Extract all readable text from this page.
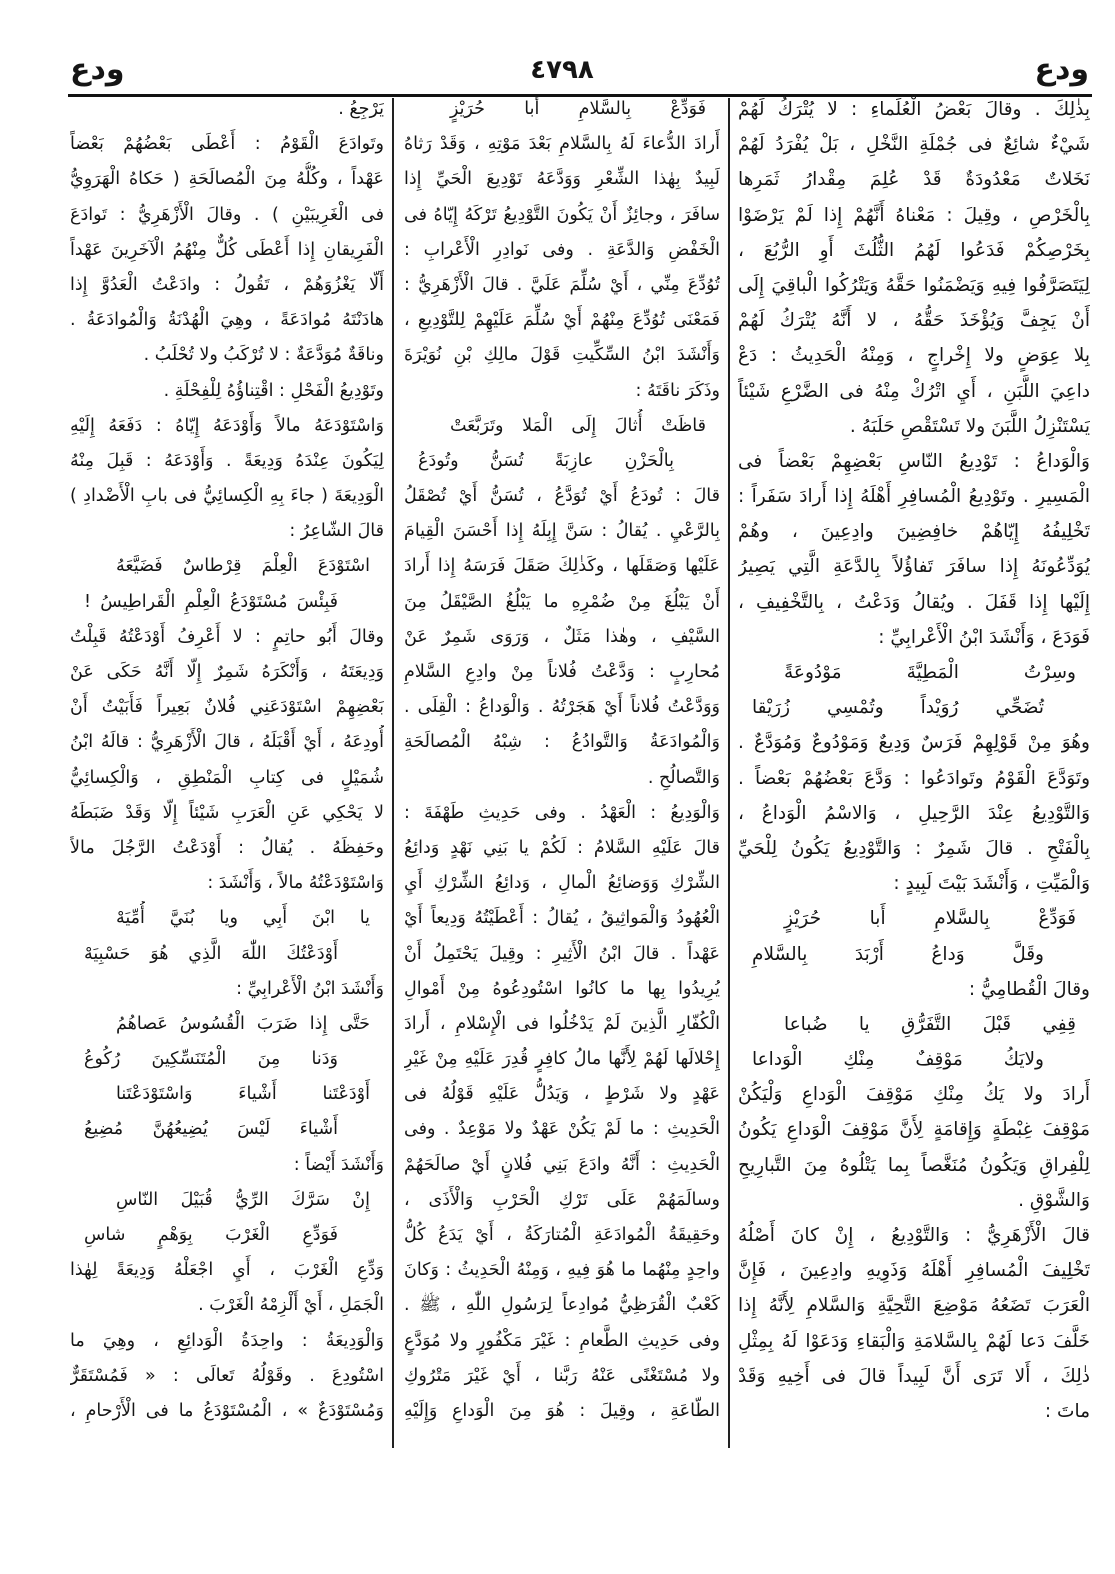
ودع
٤٧٩٨
ودع
بِذٰلِكَ . وقالَ بَعْضُ الْعُلَماءِ : لا يُتْرَكُ لَهُمْ
شَيْءٌ شائِعٌ فى جُمْلَةِ النَّخْلِ ، بَلْ يُفْرَدُ لَهُمْ
نَخَلاتٌ مَعْدُودَةٌ قَدْ عُلِمَ مِقْدارُ ثَمَرِها
بِالْخَرْصِ ، وقِيلَ : مَعْناهُ أَنَّهُمْ إِذا لَمْ يَرْضَوْا
بِخَرْصِكُمْ فَدَعُوا لَهُمُ الثُّلُثَ أَوِ الرُّبُعَ ،
لِيَتَصَرَّفُوا فِيهِ وَيَضْمَنُوا حَقَّهُ وَيَتْرُكُوا الْباقِيَ إِلَى
أَنْ يَجِفَّ وَيُؤْخَذَ حَقُّهُ ، لا أَنَّهُ يُتْرَكُ لَهُمْ
بِلا عِوَضٍ ولا إِخْراجٍ ، وَمِنْهُ الْحَدِيثُ : دَعْ
داعِيَ اللَّبَنِ ، أَيِ اتْرُكْ مِنْهُ فى الضَّرْعِ شَيْئاً
يَسْتَنْزِلُ اللَّبَنَ ولا تَسْتَقْصِ حَلَبَهُ .
وَالْوَداعُ : تَوْدِيعُ النّاسِ بَعْضِهِمْ بَعْضاً فى
الْمَسِيرِ . وتَوْدِيعُ الْمُسافِرِ أَهْلَهُ إِذا أَرادَ سَفَراً :
تَخْلِيفُهُ إِيّاهُمْ خافِضِينَ وادِعِينَ ، وهُمْ
يُوَدِّعُونَهُ إِذا سافَرَ تَفاؤُلاً بِالدَّعَةِ الَّتِي يَصِيرُ
إِلَيْها إِذا قَفَلَ . ويُقالُ وَدَعْتُ ، بِالتَّخْفِيفِ ،
فَوَدَعَ ، وَأَنْشَدَ ابْنُ الْأَعْرابِيِّ :
وسِرْتُ الْمَطِيَّةَ مَوْدُوعَةً
تُضَحِّي رُوَيْداً وتُمْسِي زُرَيْقا
وهُوَ مِنْ قَوْلِهِمْ فَرَسٌ وَدِيعٌ وَمَوْدُوعٌ وَمُوَدَّعٌ .
وتَوَدَّعَ الْقَوْمُ وتَوادَعُوا : وَدَّعَ بَعْضُهُمْ بَعْضاً .
وَالتَّوْدِيعُ عِنْدَ الرَّحِيلِ ، وَالاسْمُ الْوَداعُ ،
بِالْفَتْحِ . قالَ شَمِرٌ : وَالتَّوْدِيعُ يَكُونُ لِلْحَيِّ
وَالْمَيِّتِ ، وَأَنْشَدَ بَيْتَ لَبِيدٍ :
فَوَدِّعْ بِالسَّلامِ أَبا حُرَيْزٍ
وقَلَّ وَداعُ أَرْبَدَ بِالسَّلامِ
وقالَ الْقُطامِيُّ :
قِفِي قَبْلَ التَّفَرُّقِ يا ضُباعا
ولايَكُ مَوْقِفٌ مِنْكِ الْوَداعا
أَرادَ ولا يَكُ مِنْكِ مَوْقِفَ الْوَداعِ وَلْيَكُنْ
مَوْقِفَ غِبْطَةٍ وَإِقامَةٍ لِأَنَّ مَوْقِفَ الْوَداعِ يَكُونُ
لِلْفِراقِ وَيَكُونُ مُنَغَّصاً بِما يَتْلُوهُ مِنَ التَّبارِيحِ
وَالشَّوْقِ .
قالَ الْأَزْهَرِيُّ : وَالتَّوْدِيعُ ، إِنْ كانَ أَصْلُهُ
تَخْلِيفَ الْمُسافِرِ أَهْلَهُ وَذَوِيهِ وادِعِينَ ، فَإِنَّ
الْعَرَبَ تَضَعُهُ مَوْضِعَ التَّحِيَّةِ وَالسَّلامِ لِأَنَّهُ إِذا
خَلَّفَ دَعا لَهُمْ بِالسَّلامَةِ وَالْبَقاءِ وَدَعَوْا لَهُ بِمِثْلِ
ذٰلِكَ ، أَلا تَرَى أَنَّ لَبِيداً قالَ فى أَخِيهِ وَقَدْ
ماتَ :
فَوَدِّعْ بِالسَّلامِ أَبا حُرَيْزٍ
أَرادَ الدُّعاءَ لَهُ بِالسَّلامِ بَعْدَ مَوْتِهِ ، وَقَدْ رَثاهُ
لَبِيدٌ بِهٰذا الشِّعْرِ وَوَدَّعَهُ تَوْدِيعَ الْحَيِّ إِذا
سافَرَ ، وجائِزٌ أَنْ يَكُونَ التَّوْدِيعُ تَرْكَهُ إِيّاهُ فى
الْخَفْضِ وَالدَّعَةِ . وفى نَوادِرِ الْأَعْرابِ :
تُوُدِّعَ مِنِّي ، أَيْ سُلِّمَ عَلَيَّ . قالَ الْأَزْهَرِيُّ :
فَمَعْنَى تُوُدِّعَ مِنْهُمْ أَيْ سُلِّمَ عَلَيْهِمْ لِلتَّوْدِيعِ ،
وَأَنْشَدَ ابْنُ السِّكِّيتِ قَوْلَ مالِكِ بْنِ نُوَيْرَةَ
وذَكَرَ ناقَتَهُ :
قاظَتْ أُثالَ إِلَى الْمَلا وتَرَبَّعَتْ
بِالْحَزْنِ عازِبَةً تُسَنُّ وتُودَعُ
قالَ : تُودَعُ أَيْ تُوَدَّعُ ، تُسَنُّ أَيْ تُصْقَلُ
بِالرَّعْيِ . يُقالُ : سَنَّ إِبِلَهُ إِذا أَحْسَنَ الْقِيامَ
عَلَيْها وَصَقَلَها ، وكَذٰلِكَ صَقَلَ فَرَسَهُ إِذا أَرادَ
أَنْ يَبْلُغَ مِنْ ضُمْرِهِ ما يَبْلُغُ الصَّيْقَلُ مِنَ
السَّيْفِ ، وهٰذا مَثَلٌ ، وَرَوَى شَمِرٌ عَنْ
مُحارِبٍ : وَدَّعْتُ فُلاناً مِنْ وادِعِ السَّلامِ
وَوَدَّعْتُ فُلاناً أَيْ هَجَرْتُهُ . وَالْوَداعُ : الْقِلَى .
وَالْمُوادَعَةُ وَالتَّوادُعُ : شِبْهُ الْمُصالَحَةِ
وَالتَّصالُحِ .
وَالْوَدِيعُ : الْعَهْدُ . وفى حَدِيثِ طَهْفَةَ :
قالَ عَلَيْهِ السَّلامُ : لَكُمْ يا بَنِي نَهْدٍ وَدائِعُ
الشِّرْكِ وَوَضائِعُ الْمالِ ، وَدائِعُ الشِّرْكِ أَيِ
الْعُهُودُ وَالْمَواثِيقُ ، يُقالُ : أَعْطَيْتُهُ وَدِيعاً أَيْ
عَهْداً . قالَ ابْنُ الْأَثِيرِ : وقِيلَ يَحْتَمِلُ أَنْ
يُرِيدُوا بِها ما كانُوا اسْتُودِعُوهُ مِنْ أَمْوالِ
الْكُفّارِ الَّذِينَ لَمْ يَدْخُلُوا فى الْإِسْلامِ ، أَرادَ
إِحْلالَها لَهُمْ لِأَنَّها مالُ كافِرٍ قُدِرَ عَلَيْهِ مِنْ غَيْرِ
عَهْدٍ ولا شَرْطٍ ، وَيَدُلُّ عَلَيْهِ قَوْلُهُ فى
الْحَدِيثِ : ما لَمْ يَكُنْ عَهْدٌ ولا مَوْعِدٌ . وفى
الْحَدِيثِ : أَنَّهُ وادَعَ بَنِي فُلانٍ أَيْ صالَحَهُمْ
وسالَمَهُمْ عَلَى تَرْكِ الْحَرْبِ وَالْأَذَى ،
وحَقِيقَةُ الْمُوادَعَةِ الْمُتارَكَةُ ، أَيْ يَدَعُ كُلُّ
واحِدٍ مِنْهُما ما هُوَ فِيهِ ، وَمِنْهُ الْحَدِيثُ : وَكانَ
كَعْبٌ الْقُرَظِيُّ مُوادِعاً لِرَسُولِ اللّٰهِ ، ﷺ .
وفى حَدِيثِ الطَّعامِ : غَيْرَ مَكْفُورٍ ولا مُوَدَّعٍ
ولا مُسْتَغْنًى عَنْهُ رَبَّنا ، أَيْ غَيْرَ مَتْرُوكِ
الطّاعَةِ ، وقِيلَ : هُوَ مِنَ الْوَداعِ وَإِلَيْهِ
يَرْجِعُ .
وتَوادَعَ الْقَوْمُ : أَعْطَى بَعْضُهُمْ بَعْضاً
عَهْداً ، وكُلُّهُ مِنَ الْمُصالَحَةِ ( حَكاهُ الْهَرَوِيُّ
فى الْغَرِيبَيْنِ ) . وقالَ الْأَزْهَرِيُّ : تَوادَعَ
الْفَرِيقانِ إِذا أَعْطَى كُلٌّ مِنْهُمُ الْآخَرِينَ عَهْداً
أَلّا يَغْزُوَهُمْ ، تَقُولُ : وادَعْتُ الْعَدُوَّ إِذا
هادَنْتَهُ مُوادَعَةً ، وهِيَ الْهُدْنَةُ وَالْمُوادَعَةُ .
وناقَةٌ مُوَدَّعَةٌ : لا تُرْكَبُ ولا تُحْلَبُ .
وتَوْدِيعُ الْفَحْلِ : اقْتِناؤُهُ لِلْفِحْلَةِ .
وَاسْتَوْدَعَهُ مالاً وَأَوْدَعَهُ إِيّاهُ : دَفَعَهُ إِلَيْهِ
لِيَكُونَ عِنْدَهُ وَدِيعَةً . وَأَوْدَعَهُ : قَبِلَ مِنْهُ
الْوَدِيعَةَ ( جاءَ بِهِ الْكِسائِيُّ فى بابِ الْأَضْدادِ )
قالَ الشّاعِرُ :
اسْتَوْدَعَ الْعِلْمَ قِرْطاسٌ فَضَيَّعَهُ
فَبِئْسَ مُسْتَوْدَعُ الْعِلْمِ الْقَراطِيسُ !
وقالَ أَبُو حاتِمٍ : لا أَعْرِفُ أَوْدَعْتُهُ قَبِلْتُ
وَدِيعَتَهُ ، وَأَنْكَرَهُ شَمِرٌ إِلّا أَنَّهُ حَكَى عَنْ
بَعْضِهِمْ اسْتَوْدَعَنِي فُلانٌ بَعِيراً فَأَبَيْتُ أَنْ
أُودِعَهُ ، أَيْ أَقْبَلَهُ ، قالَ الْأَزْهَرِيُّ : قالَهُ ابْنُ
شُمَيْلٍ فى كِتابِ الْمَنْطِقِ ، وَالْكِسائِيُّ
لا يَحْكِي عَنِ الْعَرَبِ شَيْئاً إِلّا وَقَدْ ضَبَطَهُ
وحَفِظَهُ . يُقالُ : أَوْدَعْتُ الرَّجُلَ مالاً
وَاسْتَوْدَعْتُهُ مالاً ، وَأَنْشَدَ :
يا ابْنَ أَبِي ويا بُنَيَّ أُمِّيَهْ
أَوْدَعْتُكَ اللّٰهَ الَّذِي هُوَ حَسْبِيَهْ
وَأَنْشَدَ ابْنُ الْأَعْرابِيِّ :
حَتَّى إِذا ضَرَبَ الْقُسُوسُ عَصاهُمُ
وَدَنا مِنَ الْمُتَنَسِّكِينَ رُكُوعُ
أَوْدَعْتَنا أَشْياءَ وَاسْتَوْدَعْتَنا
أَشْياءَ لَيْسَ يُضِيعُهُنَّ مُضِيعُ
وَأَنْشَدَ أَيْضاً :
إِنْ سَرَّكَ الرِّيُّ قُبَيْلَ النّاسِ
فَوَدِّعِ الْغَرْبَ بِوَهْمٍ شاسِ
وَدِّعِ الْغَرْبَ ، أَيِ اجْعَلْهُ وَدِيعَةً لِهٰذا
الْجَمَلِ ، أَيْ أَلْزِمْهُ الْغَرْبَ .
وَالْوَدِيعَةُ : واحِدَةُ الْوَدائِعِ ، وهِيَ ما
اسْتُودِعَ . وقَوْلُهُ تَعالَى : « فَمُسْتَقَرٌّ
وَمُسْتَوْدَعٌ » ، الْمُسْتَوْدَعُ ما فى الْأَرْحامِ ،
